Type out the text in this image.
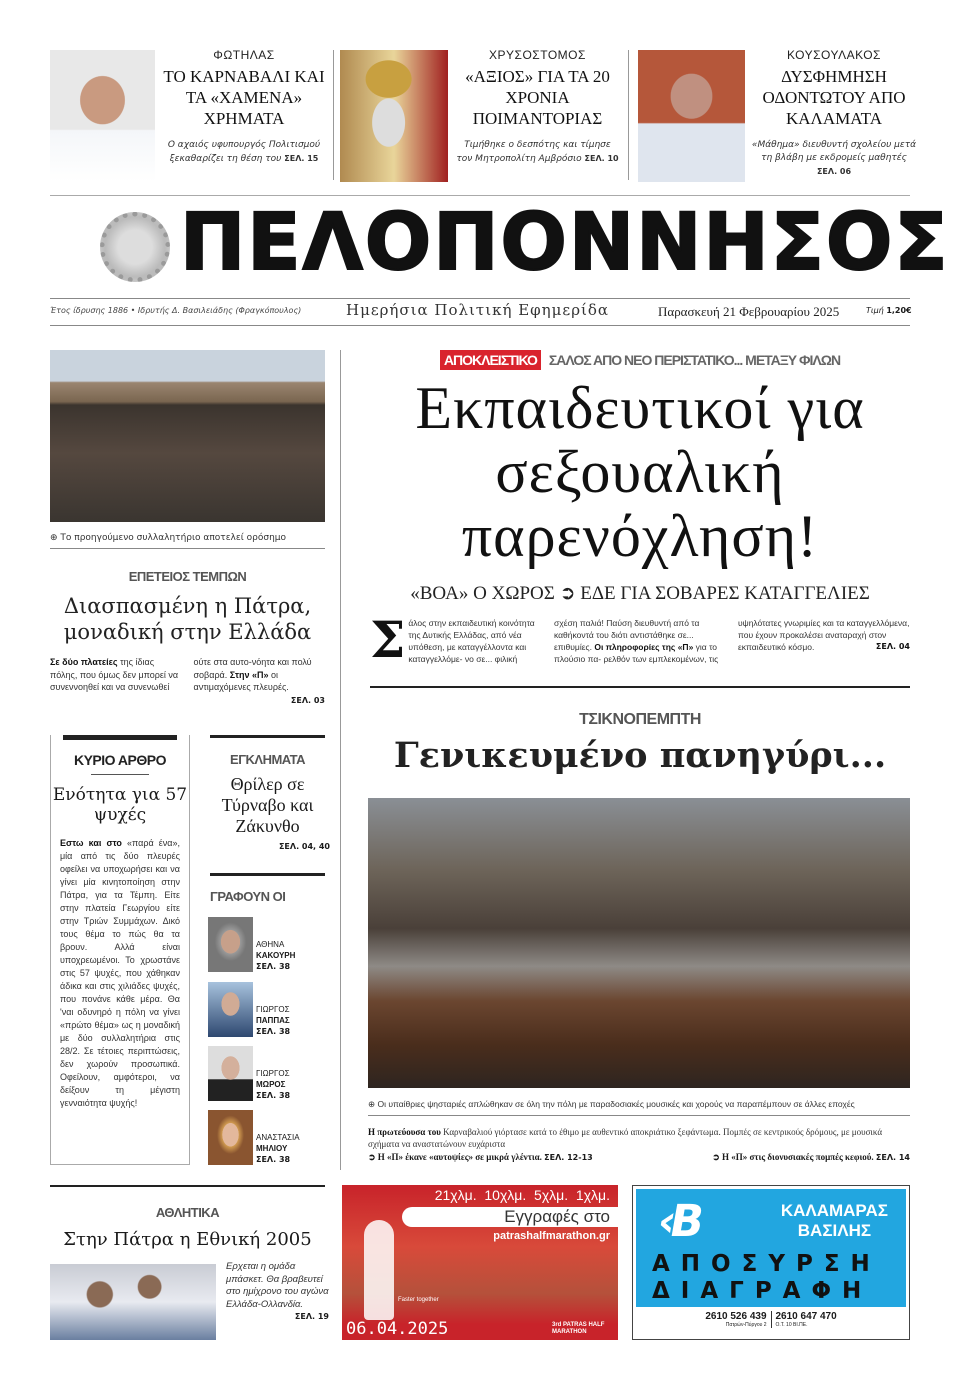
ΦΩΤΗΛΑΣ
ΤΟ ΚΑΡΝΑΒΑΛΙ ΚΑΙ ΤΑ «ΧΑΜΕΝΑ» ΧΡΗΜΑΤΑ
Ο αχαιός υφυπουργός Πολιτισμού ξεκαθαρίζει τη θέση του ΣΕΛ. 15
ΧΡΥΣΟΣΤΟΜΟΣ
«ΑΞΙΟΣ» ΓΙΑ ΤΑ 20 ΧΡΟΝΙΑ ΠΟΙΜΑΝΤΟΡΙΑΣ
Τιμήθηκε ο δεσπότης και τίμησε τον Μητροπολίτη Αμβρόσιο ΣΕΛ. 10
ΚΟΥΣΟΥΛΑΚΟΣ
ΔΥΣΦΗΜΗΣΗ ΟΔΟΝΤΩΤΟΥ ΑΠΟ ΚΑΛΑΜΑΤΑ
«Μάθημα» διευθυντή σχολείου μετά τη βλάβη με εκδρομείς μαθητές ΣΕΛ. 06
ΠΕΛΟΠΟΝΝΗΣΟΣ
Έτος ίδρυσης 1886 • Ιδρυτής Δ. Βασιλειάδης (Φραγκόπουλος)	Ημερήσια Πολιτική Εφημερίδα	Παρασκευή 21 Φεβρουαρίου 2025	Τιμή 1,20€
⊕ Το προηγούμενο συλλαλητήριο αποτελεί ορόσημο
ΕΠΕΤΕΙΟΣ ΤΕΜΠΩΝ
Διασπασμένη η Πάτρα, μοναδική στην Ελλάδα
Σε δύο πλατείες της ίδιας πόλης, που όμως δεν μπορεί να συνεννοηθεί και να συνενωθεί ούτε στα αυτο-νόητα και πολύ σοβαρά. Στην «Π» οι αντιμαχόμενες πλευρές.
ΣΕΛ. 03
ΑΠΟΚΛΕΙΣΤΙΚΟ ΣΑΛΟΣ ΑΠΟ ΝΕΟ ΠΕΡΙΣΤΑΤΙΚΟ... ΜΕΤΑΞΥ ΦΙΛΩΝ
Εκπαιδευτικοί για σεξουαλική παρενόχληση!
«ΒΟΑ» Ο ΧΩΡΟΣ ➲ ΕΔΕ ΓΙΑ ΣΟΒΑΡΕΣ ΚΑΤΑΓΓΕΛΙΕΣ
Σάλος στην εκπαιδευτική κοινότητα της Δυτικής Ελλάδας, από νέα υπόθεση, με καταγγέλλοντα και καταγγελλόμε- νο σε... φιλική σχέση παλιά! Παύση διευθυντή από τα καθήκοντά του διότι αντιστάθηκε σε... επιθυμίες. Οι πληροφορίες της «Π» για το πλούσιο πα- ρελθόν των εμπλεκομένων, τις υψηλότατες γνωριμίες και τα καταγγελλόμενα, που έχουν προκαλέσει αναταραχή στον εκπαιδευτικό κόσμο.	ΣΕΛ. 04
ΤΣΙΚΝΟΠΕΜΠΤΗ
Γενικευμένο πανηγύρι...
⊕ Οι υπαίθριες ψησταριές απλώθηκαν σε όλη την πόλη με παραδοσιακές μουσικές και χορούς να παραπέμπουν σε άλλες εποχές
Η πρωτεύουσα του Καρναβαλιού γιόρτασε κατά το έθιμο με αυθεντικό αποκριάτικο ξεφάντωμα. Πομπές σε κεντρικούς δρόμους, με μουσικά σχήματα να αναστατώνουν ευχάριστα
➲ Η «Π» έκανε «αυτοψίες» σε μικρά γλέντια. ΣΕΛ. 12-13	➲ Η «Π» στις διονυσιακές πομπές κεφιού. ΣΕΛ. 14
ΚΥΡΙΟ ΑΡΘΡΟ
Ενότητα για 57 ψυχές
Εστω και στο «παρά ένα», μία από τις δύο πλευρές οφείλει να υποχωρήσει και να γίνει μία κινητοποίηση στην Πάτρα, για τα Τέμπη. Είτε στην πλατεία Γεωργίου είτε στην Τριών Συμμάχων. Δικό τους θέμα το πώς θα τα βρουν. Αλλά είναι υποχρεωμένοι. Το χρωστάνε στις 57 ψυχές, που χάθηκαν άδικα και στις χιλιάδες ψυχές, που πονάνε κάθε μέρα. Θα 'ναι οδυνηρό η πόλη να γίνει «πρώτο θέμα» ως η μοναδική με δύο συλλαλητήρια στις 28/2. Σε τέτοιες περιπτώσεις, δεν χωρούν προσωπικά. Οφείλουν, αμφότεροι, να δείξουν τη μέγιστη γενναιότητα ψυχής!
ΕΓΚΛΗΜΑΤΑ
Θρίλερ σε Τύρναβο και Ζάκυνθο
ΣΕΛ. 04, 40
ΓΡΑΦΟΥΝ ΟΙ
ΑΘΗΝΑ
ΚΑΚΟΥΡΗ
ΣΕΛ. 38
ΓΙΩΡΓΟΣ
ΠΑΠΠΑΣ
ΣΕΛ. 38
ΓΙΩΡΓΟΣ
ΜΩΡΟΣ
ΣΕΛ. 38
ΑΝΑΣΤΑΣΙΑ
ΜΗΛΙΟΥ
ΣΕΛ. 38
ΑΘΛΗΤΙΚΑ
Στην Πάτρα η Εθνική 2005
Ερχεται η ομάδα μπάσκετ. Θα βραβευτεί στο ημίχρονο του αγώνα Ελλάδα-Ολλανδία.
ΣΕΛ. 19
21χλμ.  10χλμ.  5χλμ.  1χλμ.
Εγγραφές στο
patrashalfmarathon.gr
Faster together
06.04.2025	3rd PATRAS HALF MARATHON
‹B	ΚΑΛΑΜΑΡΑΣ
ΒΑΣΙΛΗΣ
ΑΠΟΣΥΡΣΗ
ΔΙΑΓΡΑΦΗ
2610 526 439
Πατρών-Πύργου 2
2610 647 470
Ο.Τ. 10 ΒΙ.ΠΕ.
